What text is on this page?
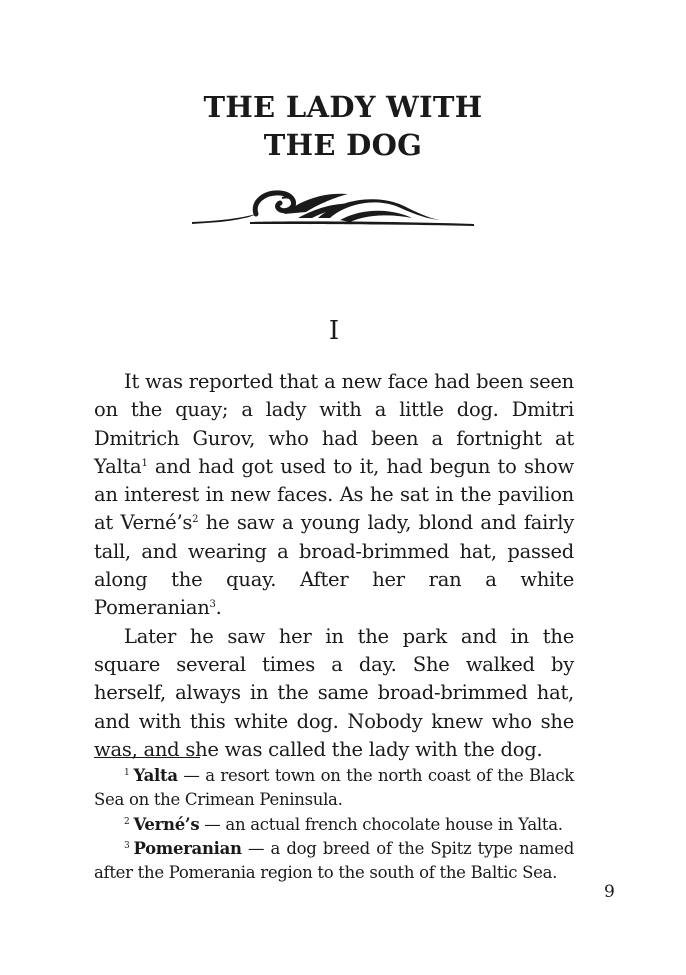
THE LADY WITH
THE DOG
I

It was reported that a new face had been seen on the quay; a lady with a little dog. Dmitri Dmitrich Gurov, who had been a fortnight at Yalta$^1$ and had got used to it, had begun to show an interest in new faces. As he sat in the pavilion at $Verné’s^2$ he saw a young lady, blond and fairly tall, and wearing a broad-brimmed hat, passed along the quay. After her ran a white Pomeranian$^3$.

Later he saw her in the park and in the square several times a day. She walked by herself, always in the same broad-brimmed hat, and with this white dog. Nobody knew who she was, and she was called the lady with the dog.

$^1$ Yalta — a resort town on the north coast of the Black Sea on the Crimean Peninsula.

$^2$ Verné’s — an actual french chocolate house in Yalta.

$^3$ Pomeranian — a dog breed of the Spitz type named after the Pomerania region to the south of the Baltic Sea.

9
